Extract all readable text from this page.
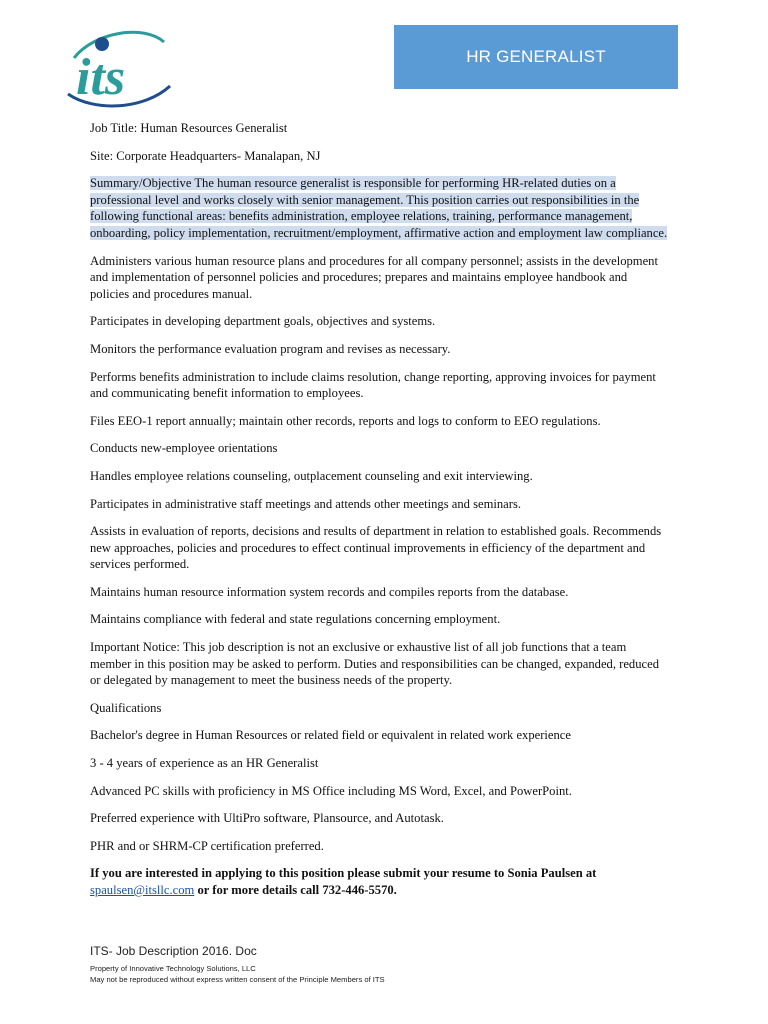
its	HR GENERALIST

Job Title: Human Resources Generalist

Site: Corporate Headquarters- Manalapan, NJ

Summary/Objective The human resource generalist is responsible for performing HR-related duties on a professional level and works closely with senior management. This position carries out responsibilities in the following functional areas: benefits administration, employee relations, training, performance management, onboarding, policy implementation, recruitment/employment, affirmative action and employment law compliance.

Administers various human resource plans and procedures for all company personnel; assists in the development and implementation of personnel policies and procedures; prepares and maintains employee handbook and policies and procedures manual.

Participates in developing department goals, objectives and systems.

Monitors the performance evaluation program and revises as necessary.

Performs benefits administration to include claims resolution, change reporting, approving invoices for payment and communicating benefit information to employees.

Files EEO-1 report annually; maintain other records, reports and logs to conform to EEO regulations.

Conducts new-employee orientations

Handles employee relations counseling, outplacement counseling and exit interviewing.

Participates in administrative staff meetings and attends other meetings and seminars.

Assists in evaluation of reports, decisions and results of department in relation to established goals. Recommends new approaches, policies and procedures to effect continual improvements in efficiency of the department and services performed.

Maintains human resource information system records and compiles reports from the database.

Maintains compliance with federal and state regulations concerning employment.

Important Notice: This job description is not an exclusive or exhaustive list of all job functions that a team member in this position may be asked to perform. Duties and responsibilities can be changed, expanded, reduced or delegated by management to meet the business needs of the property.

Qualifications

Bachelor's degree in Human Resources or related field or equivalent in related work experience

3 - 4 years of experience as an HR Generalist

Advanced PC skills with proficiency in MS Office including MS Word, Excel, and PowerPoint.

Preferred experience with UltiPro software, Plansource, and Autotask.

PHR and or SHRM-CP certification preferred.

If you are interested in applying to this position please submit your resume to Sonia Paulsen at spaulsen@itsllc.com or for more details call 732-446-5570.

ITS- Job Description 2016. Doc
Property of Innovative Technology Solutions, LLC
May not be reproduced without express written consent of the Principle Members of ITS
